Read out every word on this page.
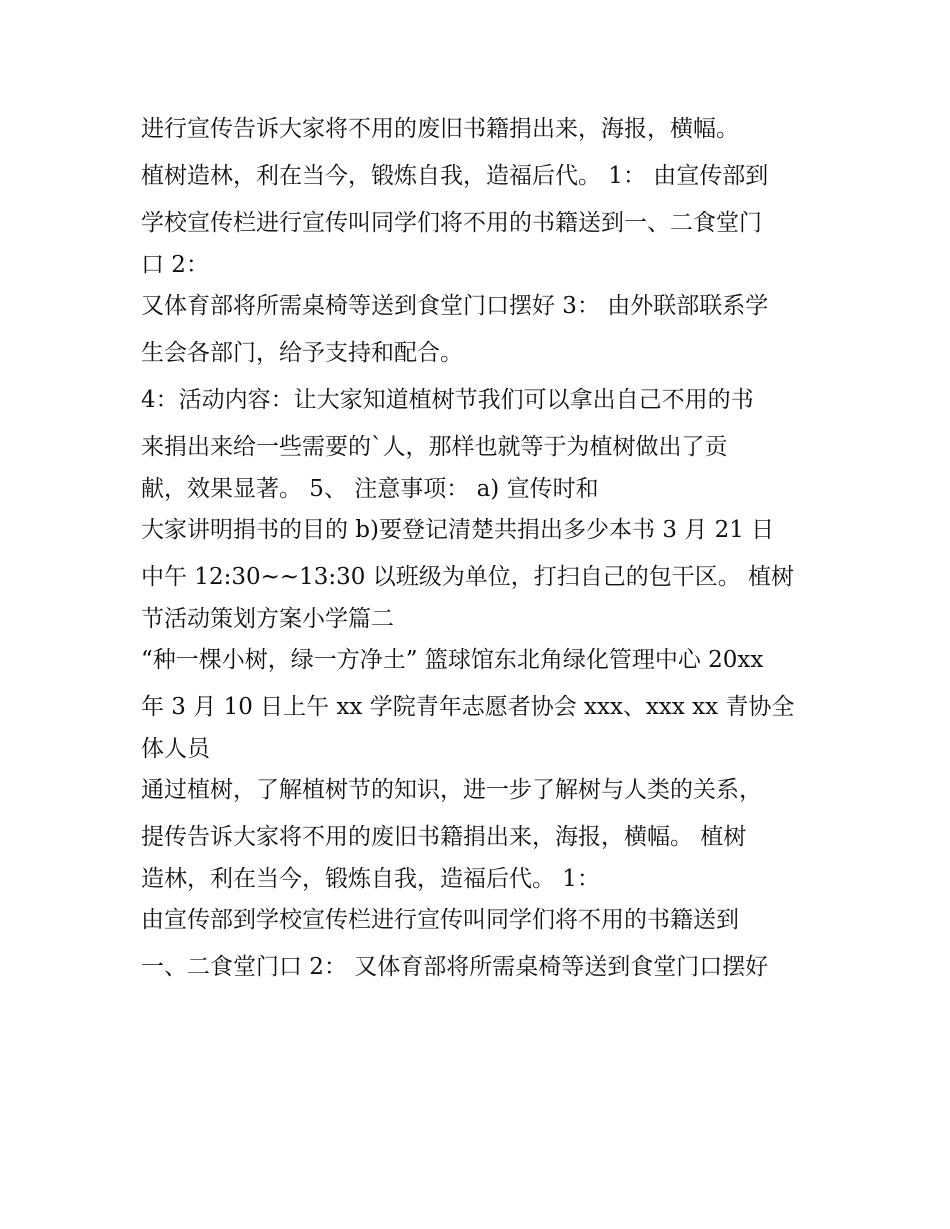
进行宣传告诉大家将不用的废旧书籍捐出来，海报，横幅。
植树造林，利在当今，锻炼自我，造福后代。 1： 由宣传部到
学校宣传栏进行宣传叫同学们将不用的书籍送到一、二食堂门
口 2：
又体育部将所需桌椅等送到食堂门口摆好 3： 由外联部联系学
生会各部门，给予支持和配合。
4：活动内容：让大家知道植树节我们可以拿出自己不用的书
来捐出来给一些需要的`人，那样也就等于为植树做出了贡
献，效果显著。 5、 注意事项： a) 宣传时和
大家讲明捐书的目的 b)要登记清楚共捐出多少本书 3 月 21 日
中午 12:30~~13:30 以班级为单位，打扫自己的包干区。 植树
节活动策划方案小学篇二
“种一棵小树，绿一方净土” 篮球馆东北角绿化管理中心 20xx
年 3 月 10 日上午 xx 学院青年志愿者协会 xxx、xxx xx 青协全
体人员
通过植树，了解植树节的知识，进一步了解树与人类的关系，
提传告诉大家将不用的废旧书籍捐出来，海报，横幅。 植树
造林，利在当今，锻炼自我，造福后代。 1：
由宣传部到学校宣传栏进行宣传叫同学们将不用的书籍送到
一、二食堂门口 2： 又体育部将所需桌椅等送到食堂门口摆好
